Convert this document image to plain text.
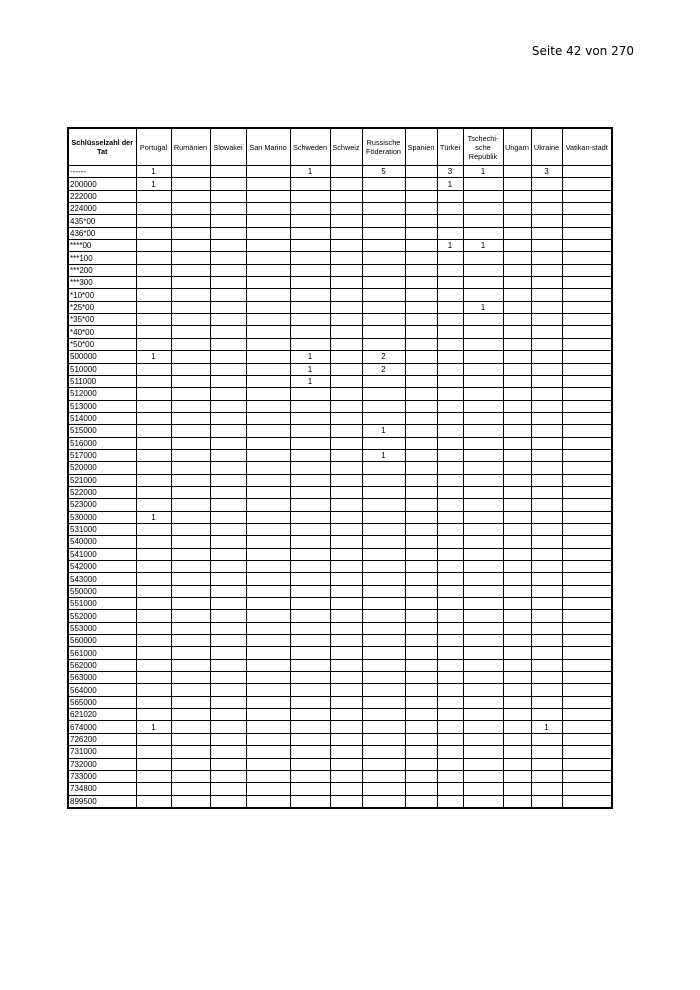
Seite 42 von 270
Schlüsselzahl der Tat	Portugal	Rumänien	Slowakei	San Marino	Schweden	Schweiz	Russische Föderation	Spanien	Türkei	Tschechi-sche Republik	Ungarn	Ukraine	Vatikan-stadt
------	1				1		5		3	1		3	
200000	1								1				
222000													
224000													
435*00													
436*00													
****00									1	1			
***100													
***200													
***300													
*10*00													
*25*00										1			
*35*00													
*40*00													
*50*00													
500000	1				1		2						
510000					1		2						
511000					1								
512000													
513000													
514000													
515000							1						
516000													
517000							1						
520000													
521000													
522000													
523000													
530000	1												
531000													
540000													
541000													
542000													
543000													
550000													
551000													
552000													
553000													
560000													
561000													
562000													
563000													
564000													
565000													
621020													
674000	1											1	
726200													
731000													
732000													
733000													
734800													
899500													
